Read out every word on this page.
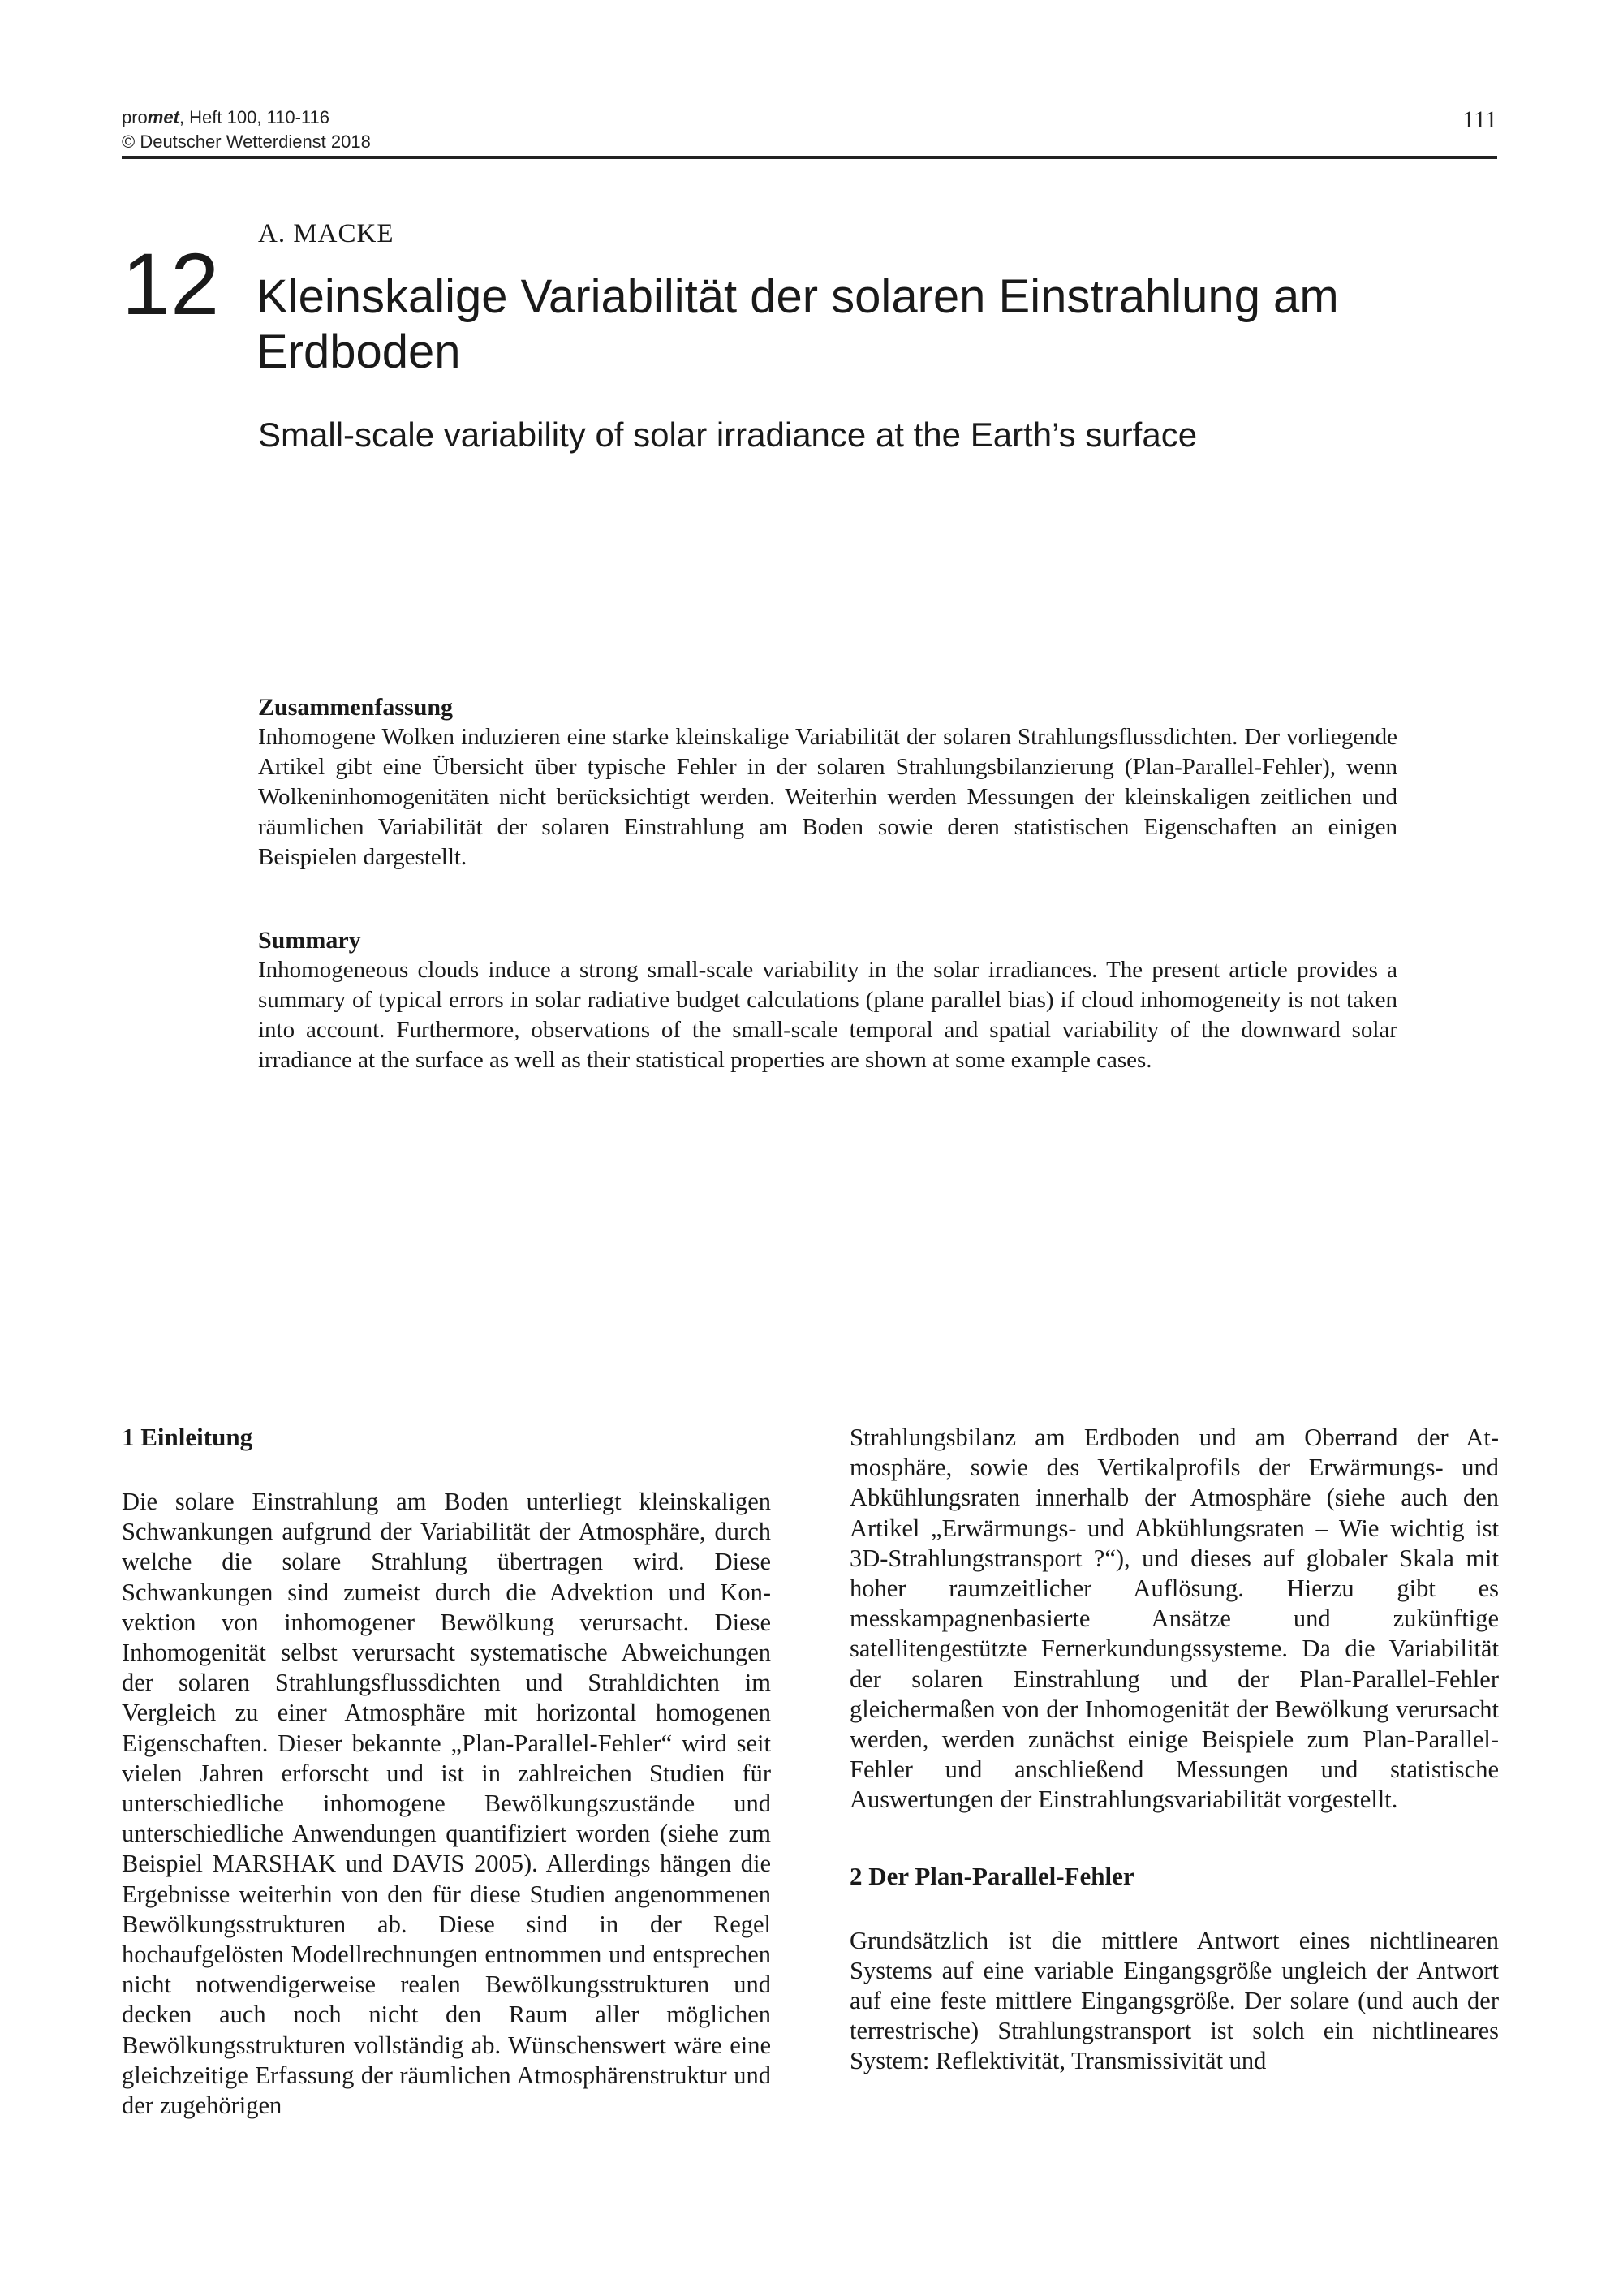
promet, Heft 100, 110-116
© Deutscher Wetterdienst 2018
111
12
A. MACKE
Kleinskalige Variabilität der solaren Einstrahlung am Erdboden
Small-scale variability of solar irradiance at the Earth’s surface
Zusammenfassung

Inhomogene Wolken induzieren eine starke kleinskalige Variabilität der solaren Strahlungsflussdichten. Der vorliegende Artikel gibt eine Übersicht über typische Fehler in der solaren Strahlungsbilanzierung (Plan-Parallel-Fehler), wenn Wolkeninhomogenitäten nicht berücksichtigt werden. Weiterhin werden Messungen der kleinskaligen zeitlichen und räumlichen Variabilität der solaren Einstrahlung am Boden sowie deren statistischen Eigenschaften an einigen Beispielen dargestellt.

Summary

Inhomogeneous clouds induce a strong small-scale variability in the solar irradiances. The present article provides a summary of typical errors in solar radiative budget calculations (plane parallel bias) if cloud inhomogeneity is not taken into account. Furthermore, observations of the small-scale temporal and spatial variability of the downward solar irradiance at the surface as well as their statistical properties are shown at some example cases.

1 Einleitung

Die solare Einstrahlung am Boden unterliegt kleinskaligen Schwankungen aufgrund der Variabilität der Atmosphäre, durch welche die solare Strahlung übertragen wird. Diese Schwankungen sind zumeist durch die Advektion und Konvektion von inhomogener Bewölkung verursacht. Diese Inhomogenität selbst verursacht systematische Abweichungen der solaren Strahlungsflussdichten und Strahldichten im Vergleich zu einer Atmosphäre mit horizontal homogenen Eigenschaften. Dieser bekannte „Plan-Parallel-Fehler“ wird seit vielen Jahren erforscht und ist in zahlreichen Studien für unterschiedliche inhomogene Bewölkungszustände und unterschiedliche Anwendungen quantifiziert worden (siehe zum Beispiel MARSHAK und DAVIS 2005). Allerdings hängen die Ergebnisse weiterhin von den für diese Studien angenommenen Bewölkungsstrukturen ab. Diese sind in der Regel hochaufgelösten Modellrechnungen entnommen und entsprechen nicht notwendigerweise realen Bewölkungsstrukturen und decken auch noch nicht den Raum aller möglichen Bewölkungsstrukturen vollständig ab. Wünschenswert wäre eine gleichzeitige Erfassung der räumlichen Atmosphärenstruktur und der zugehörigen

Strahlungsbilanz am Erdboden und am Oberrand der Atmosphäre, sowie des Vertikalprofils der Erwärmungs- und Abkühlungsraten innerhalb der Atmosphäre (siehe auch den Artikel „Erwärmungs- und Abkühlungsraten – Wie wichtig ist 3D-Strahlungstransport ?“), und dieses auf globaler Skala mit hoher raumzeitlicher Auflösung. Hierzu gibt es messkampagnenbasierte Ansätze und zukünftige satellitengestützte Fernerkundungssysteme. Da die Variabilität der solaren Einstrahlung und der Plan-Parallel-Fehler gleichermaßen von der Inhomogenität der Bewölkung verursacht werden, werden zunächst einige Beispiele zum Plan-Parallel-Fehler und anschließend Messungen und statistische Auswertungen der Einstrahlungsvariabilität vorgestellt.

2 Der Plan-Parallel-Fehler

Grundsätzlich ist die mittlere Antwort eines nichtlinearen Systems auf eine variable Eingangsgröße ungleich der Antwort auf eine feste mittlere Eingangsgröße. Der solare (und auch der terrestrische) Strahlungstransport ist solch ein nichtlineares System: Reflektivität, Transmissivität und
